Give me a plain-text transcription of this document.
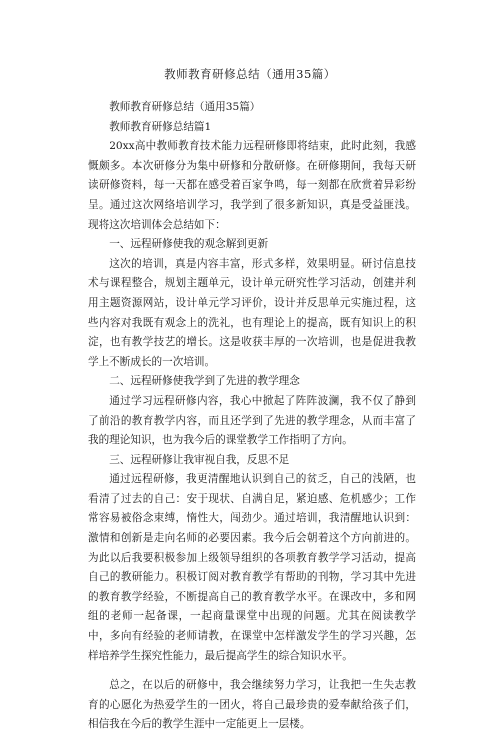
教师教育研修总结（通用35篇）

教师教育研修总结（通用35篇）

教师教育研修总结篇1

20xx高中教师教育技术能力远程研修即将结束，此时此刻，我感慨颇多。本次研修分为集中研修和分散研修。在研修期间，我每天研读研修资料，每一天都在感受着百家争鸣，每一刻都在欣赏着异彩纷呈。通过这次网络培训学习，我学到了很多新知识，真是受益匪浅。现将这次培训体会总结如下：

一、远程研修使我的观念解到更新

这次的培训，真是内容丰富，形式多样，效果明显。研讨信息技术与课程整合，规划主题单元，设计单元研究性学习活动，创建并利用主题资源网站，设计单元学习评价，设计并反思单元实施过程，这些内容对我既有观念上的洗礼，也有理论上的提高，既有知识上的积淀，也有教学技艺的增长。这是收获丰厚的一次培训，也是促进我教学上不断成长的一次培训。

二、远程研修使我学到了先进的教学理念

通过学习远程研修内容，我心中掀起了阵阵波澜，我不仅了静到了前沿的教育教学内容，而且还学到了先进的教学理念，从而丰富了我的理论知识，也为我今后的课堂教学工作指明了方向。

三、远程研修让我审视自我，反思不足

通过远程研修，我更清醒地认识到自己的贫乏，自己的浅陋，也看清了过去的自己：安于现状、自满自足，紧迫感、危机感少；工作常容易被俗念束缚，惰性大，闯劲少。通过培训，我清醒地认识到：激情和创新是走向名师的必要因素。我今后会朝着这个方向前进的。为此以后我要积极参加上级领导组织的各项教育教学学习活动，提高自己的教研能力。积极订阅对教育教学有帮助的刊物，学习其中先进的教育教学经验，不断提高自己的教育教学水平。在课改中，多和网组的老师一起备课，一起商量课堂中出现的问题。尤其在阅读教学中，多向有经验的老师请教，在课堂中怎样激发学生的学习兴趣，怎样培养学生探究性能力，最后提高学生的综合知识水平。

总之，在以后的研修中，我会继续努力学习，让我把一生失志教育的心愿化为热爱学生的一团火，将自己最珍贵的爱奉献给孩子们，相信我在今后的教学生涯中一定能更上一层楼。
